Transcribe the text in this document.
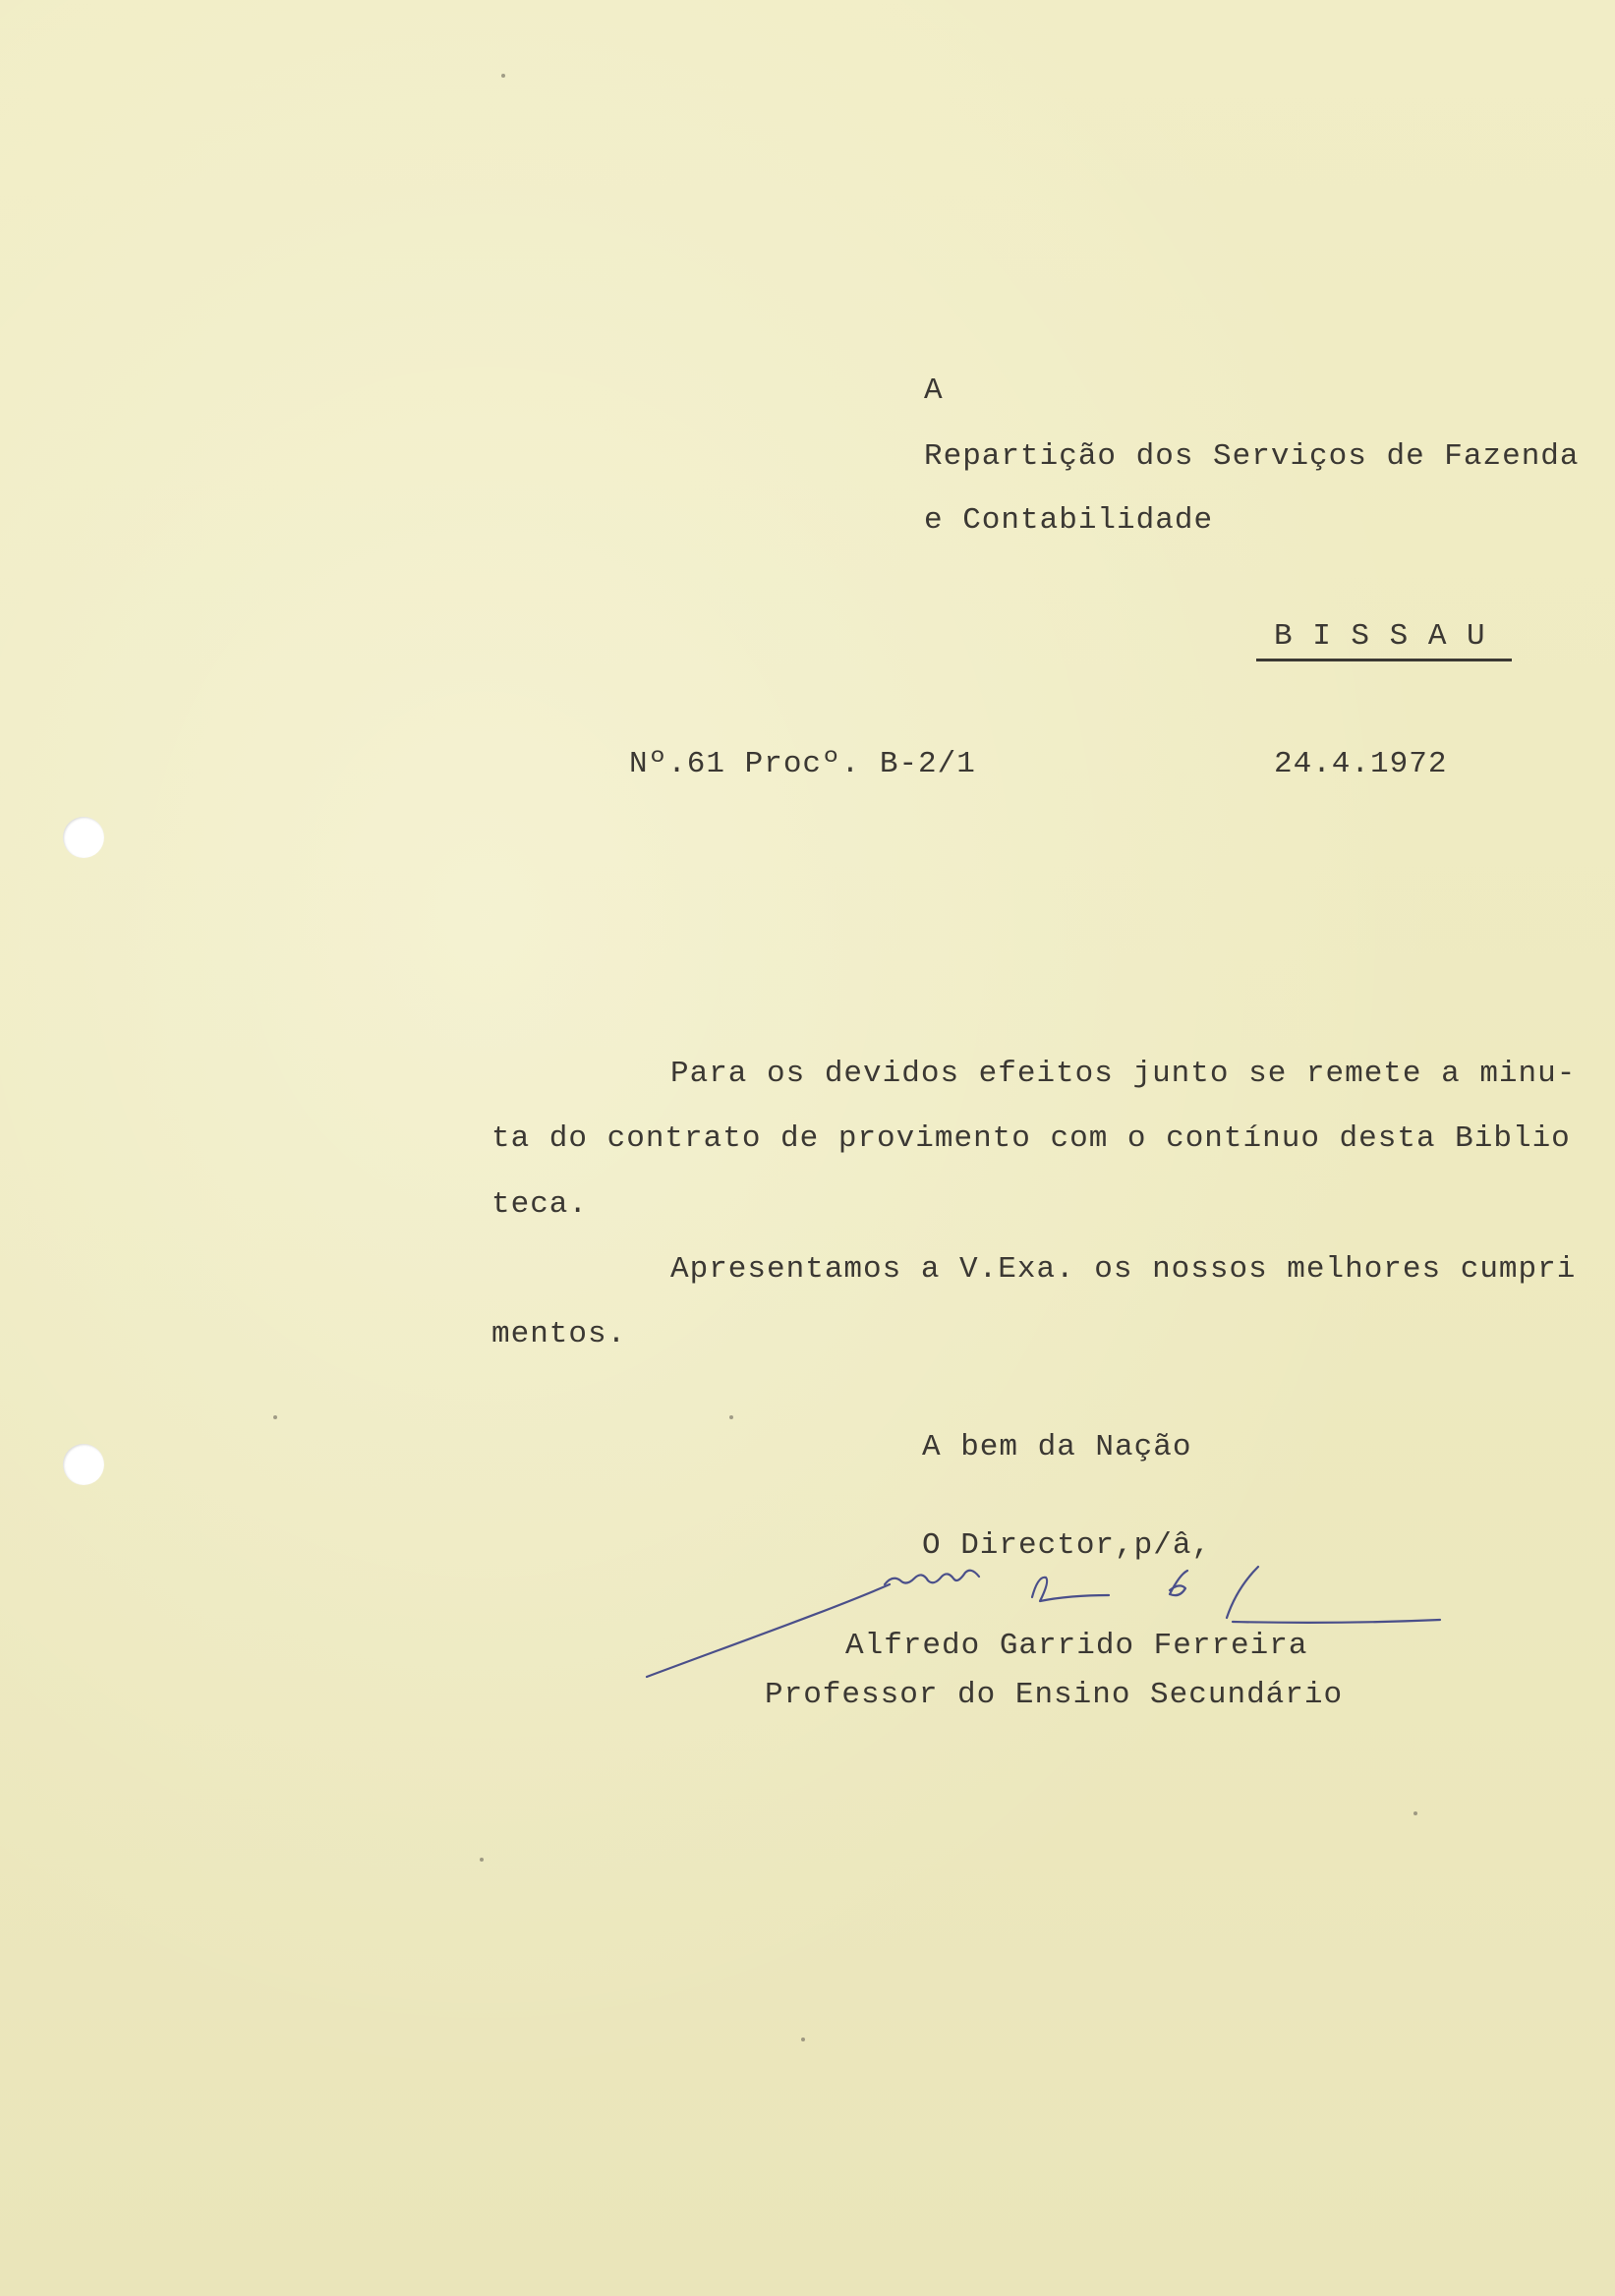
A
Repartição dos Serviços de Fazenda
e Contabilidade
B I S S A U
Nº.61 Procº. B-2/1	24.4.1972
Para os devidos efeitos junto se remete a minu-
ta do contrato de provimento com o contínuo desta Biblio
teca.
Apresentamos a V.Exa. os nossos melhores cumpri
mentos.
A bem da Nação
O Director,p/â,
Alfredo Garrido Ferreira
Professor do Ensino Secundário
